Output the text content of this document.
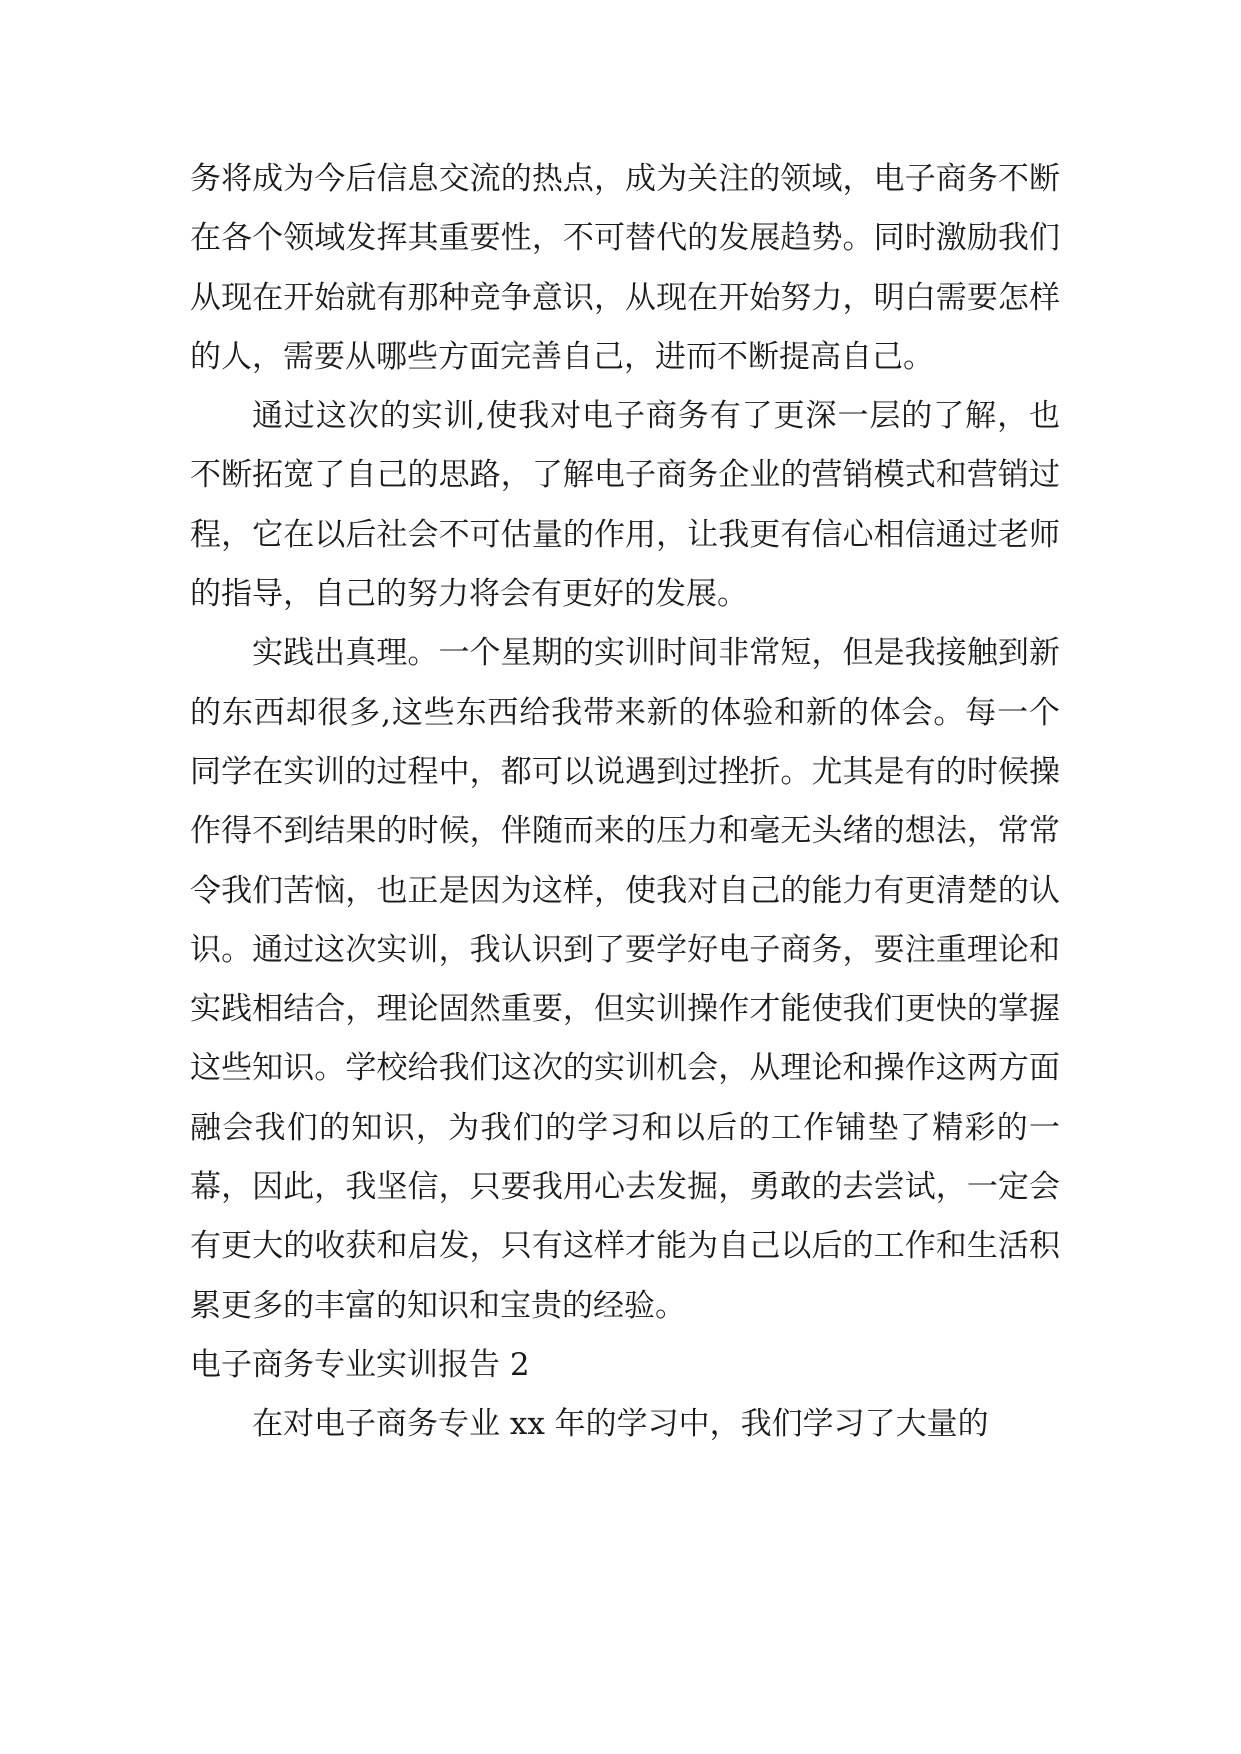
务将成为今后信息交流的热点，成为关注的领域，电子商务不断在各个领域发挥其重要性，不可替代的发展趋势。同时激励我们从现在开始就有那种竞争意识，从现在开始努力，明白需要怎样的人，需要从哪些方面完善自己，进而不断提高自己。

通过这次的实训,使我对电子商务有了更深一层的了解，也不断拓宽了自己的思路，了解电子商务企业的营销模式和营销过程，它在以后社会不可估量的作用，让我更有信心相信通过老师的指导，自己的努力将会有更好的发展。

实践出真理。一个星期的实训时间非常短，但是我接触到新的东西却很多,这些东西给我带来新的体验和新的体会。每一个同学在实训的过程中，都可以说遇到过挫折。尤其是有的时候操作得不到结果的时候，伴随而来的压力和毫无头绪的想法，常常令我们苦恼，也正是因为这样，使我对自己的能力有更清楚的认识。通过这次实训，我认识到了要学好电子商务，要注重理论和实践相结合，理论固然重要，但实训操作才能使我们更快的掌握这些知识。学校给我们这次的实训机会，从理论和操作这两方面融会我们的知识，为我们的学习和以后的工作铺垫了精彩的一幕，因此，我坚信，只要我用心去发掘，勇敢的去尝试，一定会有更大的收获和启发，只有这样才能为自己以后的工作和生活积累更多的丰富的知识和宝贵的经验。

电子商务专业实训报告 2

在对电子商务专业 xx 年的学习中，我们学习了大量的
